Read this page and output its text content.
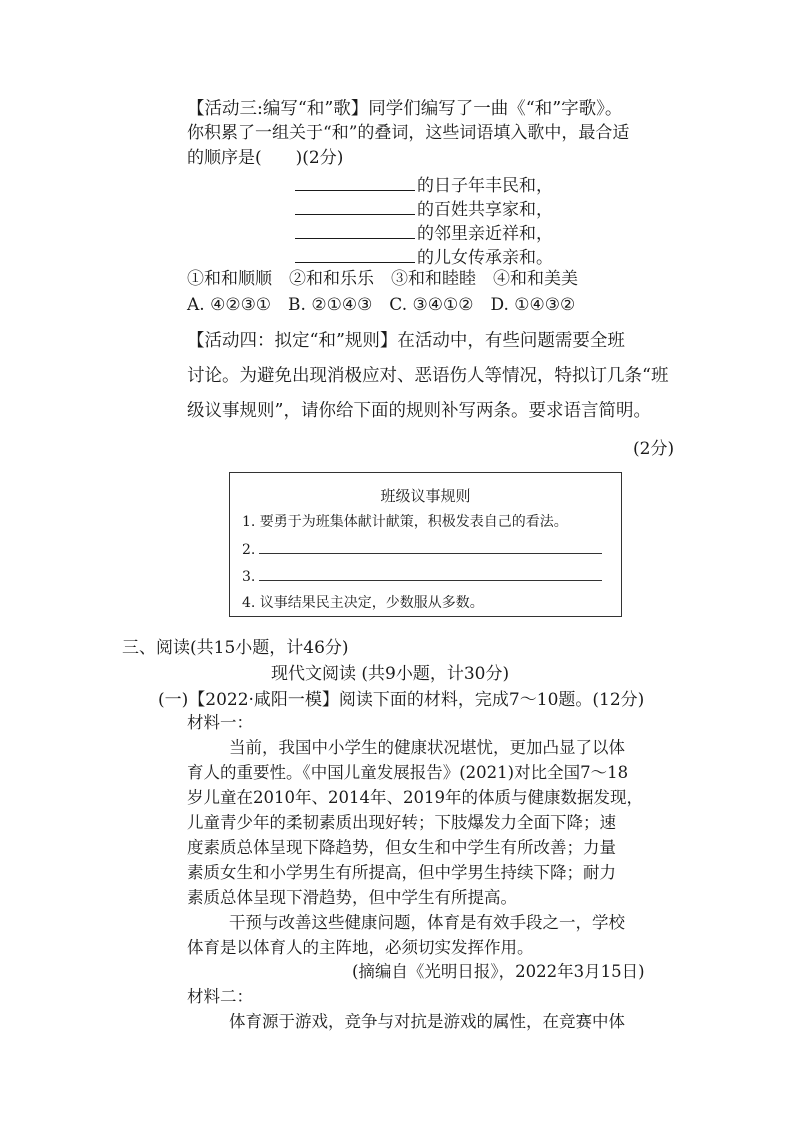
【活动三:编写“和”歌】同学们编写了一曲《“和”字歌》。
你积累了一组关于“和”的叠词，这些词语填入歌中，最合适
的顺序是(　　)(2分)
的日子年丰民和，
的百姓共享家和，
的邻里亲近祥和，
的儿女传承亲和。
①和和顺顺　②和和乐乐　③和和睦睦　④和和美美
A. ④②③①　B. ②①④③　C. ③④①②　D. ①④③②
【活动四：拟定“和”规则】在活动中，有些问题需要全班
讨论。为避免出现消极应对、恶语伤人等情况，特拟订几条“班
级议事规则”，请你给下面的规则补写两条。要求语言简明。
(2分)
班级议事规则
1. 要勇于为班集体献计献策，积极发表自己的看法。
2.
3.
4. 议事结果民主决定，少数服从多数。
三、阅读(共15小题，计46分)
现代文阅读 (共9小题，计30分)
(一)【2022·咸阳一模】阅读下面的材料，完成7～10题。(12分)
材料一：
当前，我国中小学生的健康状况堪忧，更加凸显了以体
育人的重要性。《中国儿童发展报告》(2021)对比全国7～18
岁儿童在2010年、2014年、2019年的体质与健康数据发现，
儿童青少年的柔韧素质出现好转；下肢爆发力全面下降；速
度素质总体呈现下降趋势，但女生和中学生有所改善；力量
素质女生和小学男生有所提高，但中学男生持续下降；耐力
素质总体呈现下滑趋势，但中学生有所提高。
干预与改善这些健康问题，体育是有效手段之一，学校
体育是以体育人的主阵地，必须切实发挥作用。
(摘编自《光明日报》，2022年3月15日)
材料二：
体育源于游戏，竞争与对抗是游戏的属性，在竞赛中体
